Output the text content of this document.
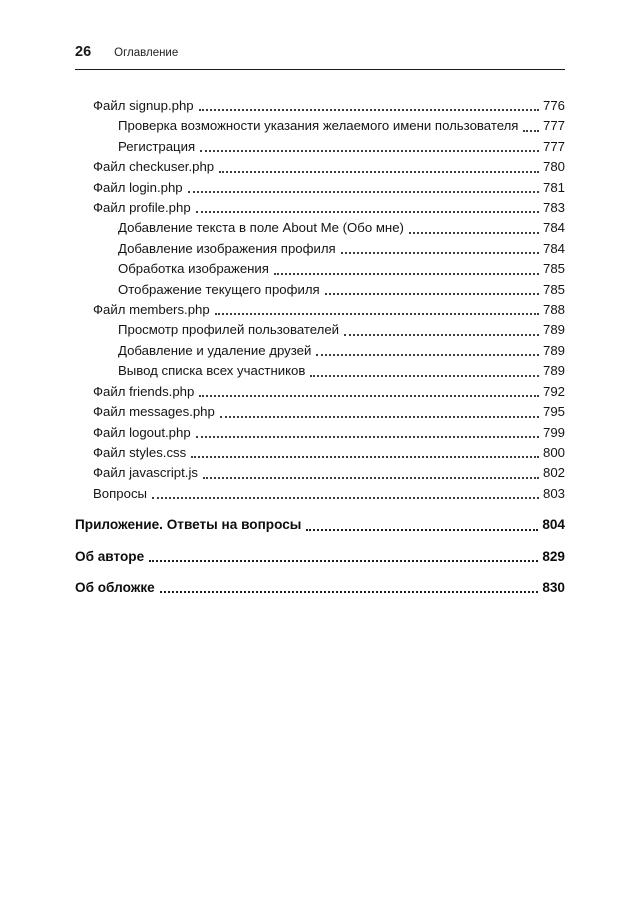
26 Оглавление
Файл signup.php	776
Проверка возможности указания желаемого имени пользователя 777
Регистрация	777
Файл checkuser.php	780
Файл login.php	781
Файл profile.php	783
Добавление текста в поле About Me (Обо мне)	784
Добавление изображения профиля	784
Обработка изображения	785
Отображение текущего профиля	785
Файл members.php	788
Просмотр профилей пользователей	789
Добавление и удаление друзей	789
Вывод списка всех участников	789
Файл friends.php	792
Файл messages.php	795
Файл logout.php	799
Файл styles.css	800
Файл javascript.js	802
Вопросы	803
Приложение. Ответы на вопросы	804
Об авторе	829
Об обложке	830
